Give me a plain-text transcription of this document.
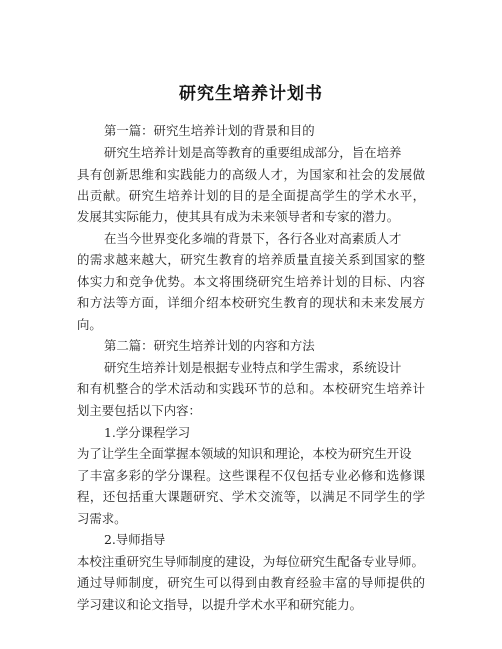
研究生培养计划书
第一篇：研究生培养计划的背景和目的
研究生培养计划是高等教育的重要组成部分，旨在培养
具有创新思维和实践能力的高级人才，为国家和社会的发展做
出贡献。研究生培养计划的目的是全面提高学生的学术水平，
发展其实际能力，使其具有成为未来领导者和专家的潜力。
在当今世界变化多端的背景下，各行各业对高素质人才
的需求越来越大，研究生教育的培养质量直接关系到国家的整
体实力和竞争优势。本文将围绕研究生培养计划的目标、内容
和方法等方面，详细介绍本校研究生教育的现状和未来发展方
向。
第二篇：研究生培养计划的内容和方法
研究生培养计划是根据专业特点和学生需求，系统设计
和有机整合的学术活动和实践环节的总和。本校研究生培养计
划主要包括以下内容：
1.学分课程学习
为了让学生全面掌握本领域的知识和理论，本校为研究生开设
了丰富多彩的学分课程。这些课程不仅包括专业必修和选修课
程，还包括重大课题研究、学术交流等，以满足不同学生的学
习需求。
2.导师指导
本校注重研究生导师制度的建设，为每位研究生配备专业导师。
通过导师制度，研究生可以得到由教育经验丰富的导师提供的
学习建议和论文指导，以提升学术水平和研究能力。
